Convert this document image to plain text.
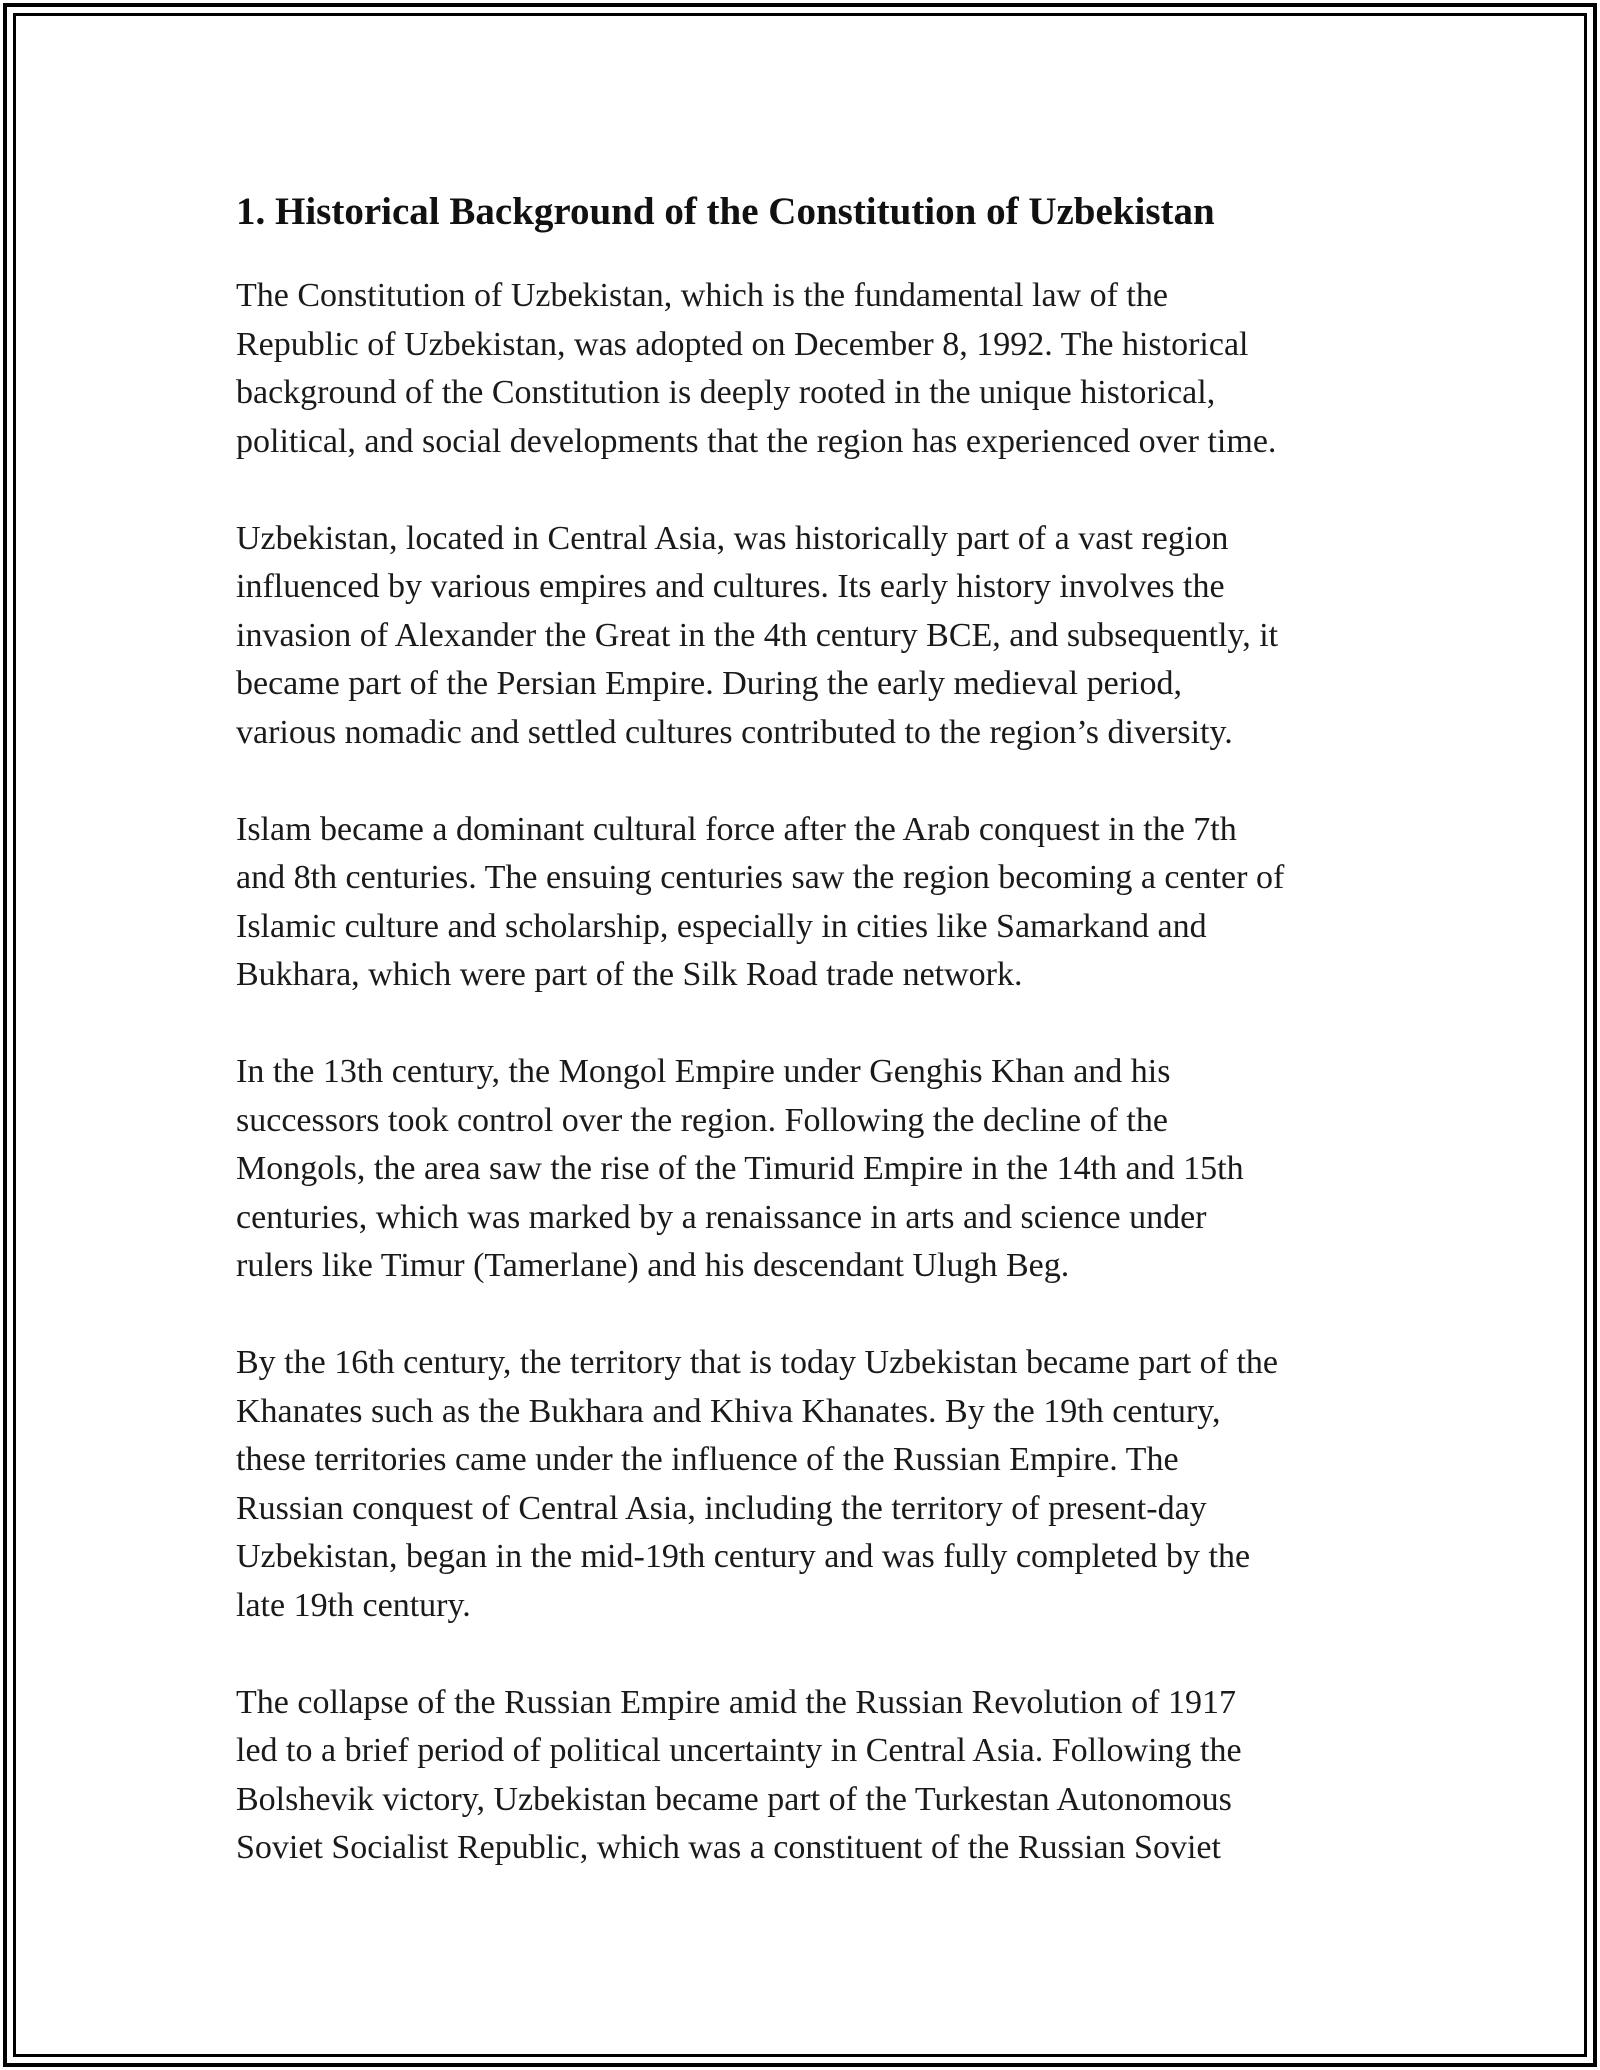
1. Historical Background of the Constitution of Uzbekistan

The Constitution of Uzbekistan, which is the fundamental law of the
Republic of Uzbekistan, was adopted on December 8, 1992. The historical
background of the Constitution is deeply rooted in the unique historical,
political, and social developments that the region has experienced over time.

Uzbekistan, located in Central Asia, was historically part of a vast region
influenced by various empires and cultures. Its early history involves the
invasion of Alexander the Great in the 4th century BCE, and subsequently, it
became part of the Persian Empire. During the early medieval period,
various nomadic and settled cultures contributed to the region’s diversity.

Islam became a dominant cultural force after the Arab conquest in the 7th
and 8th centuries. The ensuing centuries saw the region becoming a center of
Islamic culture and scholarship, especially in cities like Samarkand and
Bukhara, which were part of the Silk Road trade network.

In the 13th century, the Mongol Empire under Genghis Khan and his
successors took control over the region. Following the decline of the
Mongols, the area saw the rise of the Timurid Empire in the 14th and 15th
centuries, which was marked by a renaissance in arts and science under
rulers like Timur (Tamerlane) and his descendant Ulugh Beg.

By the 16th century, the territory that is today Uzbekistan became part of the
Khanates such as the Bukhara and Khiva Khanates. By the 19th century,
these territories came under the influence of the Russian Empire. The
Russian conquest of Central Asia, including the territory of present-day
Uzbekistan, began in the mid-19th century and was fully completed by the
late 19th century.

The collapse of the Russian Empire amid the Russian Revolution of 1917
led to a brief period of political uncertainty in Central Asia. Following the
Bolshevik victory, Uzbekistan became part of the Turkestan Autonomous
Soviet Socialist Republic, which was a constituent of the Russian Soviet
